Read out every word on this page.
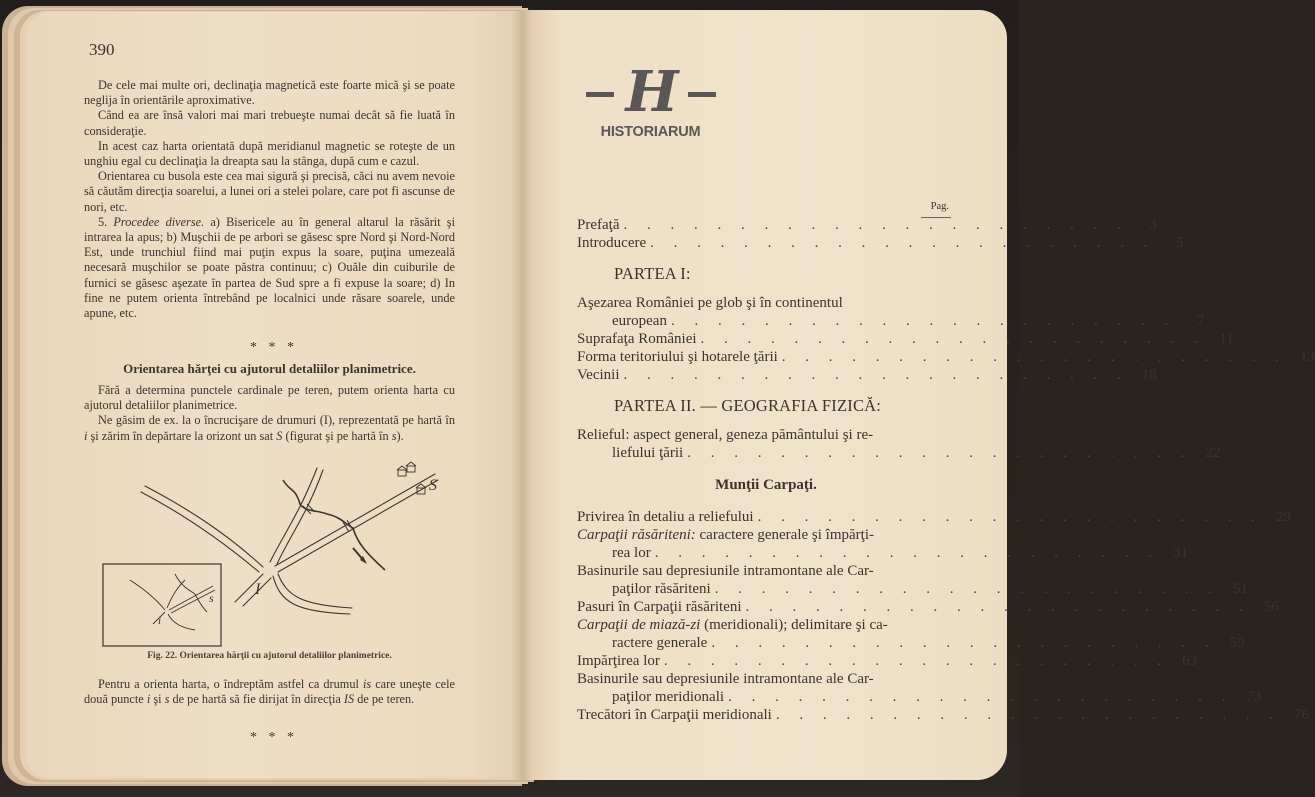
390

De cele mai multe ori, declinaţia magnetică este foarte mică şi se poate neglija în orientările aproximative.

Când ea are însă valori mai mari trebueşte numai decât să fie luată în consideraţie.

In acest caz harta orientată după meridianul magnetic se roteşte de un unghiu egal cu declinaţia la dreapta sau la stânga, după cum e cazul.

Orientarea cu busola este cea mai sigură şi precisă, căci nu avem nevoie să căutăm direcţia soarelui, a lunei ori a stelei polare, care pot fi ascunse de nori, etc.

5. Procedee diverse. a) Bisericele au în general altarul la răsărit şi intrarea la apus; b) Muşchii de pe arbori se găsesc spre Nord şi Nord-Nord Est, unde trunchiul fiind mai puţin expus la soare, puţina umezeală necesară muşchilor se poate păstra continuu; c) Ouăle din cuiburile de furnici se găsesc aşezate în partea de Sud spre a fi expuse la soare; d) In fine ne putem orienta întrebând pe localnici unde răsare soarele, unde apune, etc.

* * *
Orientarea hărţei cu ajutorul detaliilor planimetrice.

Fără a determina punctele cardinale pe teren, putem orienta harta cu ajutorul detaliilor planimetrice.

Ne găsim de ex. la o încrucişare de drumuri (I), reprezentată pe hartă în i şi zărim în depărtare la orizont un sat S (figurat şi pe hartă în s).

S
I
i
s
Fig. 22. Orientarea hărţii cu ajutorul detaliilor planimetrice.

Pentru a orienta harta, o îndreptăm astfel ca drumul is care uneşte cele două puncte i şi s de pe hartă să fie dirijat în direcţia IS de pe teren.

* * *
H
HISTORIARUM
Pag.
Prefaţă . . . . . . . . . . . . . . . . . . . . . .	3
Introducere . . . . . . . . . . . . . . . . . . . . . .	5
PARTEA I:
Aşezarea României pe glob şi în continentul
european . . . . . . . . . . . . . . . . . . . . . .	7
Suprafaţa României . . . . . . . . . . . . . . . . . . . . . . 11
Forma teritoriului şi hotarele ţării . . . . . . . . . . . . . . . . . . . . . . 13
Vecinii . . . . . . . . . . . . . . . . . . . . . . 18
PARTEA II. — GEOGRAFIA FIZICĂ:
Relieful: aspect general, geneza pământului şi re-
liefului ţării . . . . . . . . . . . . . . . . . . . . . . 22
Munţii Carpaţi.
Privirea în detaliu a reliefului . . . . . . . . . . . . . . . . . . . . . . 29
Carpaţii răsăriteni: caractere generale şi împărţi-
rea lor . . . . . . . . . . . . . . . . . . . . . . 31
Basinurile sau depresiunile intramontane ale Car-
paţilor răsăriteni . . . . . . . . . . . . . . . . . . . . . . 51
Pasuri în Carpaţii răsăriteni . . . . . . . . . . . . . . . . . . . . . . 56
Carpaţii de miază-zi (meridionali); delimitare şi ca-
ractere generale . . . . . . . . . . . . . . . . . . . . . . 59
Impărţirea lor . . . . . . . . . . . . . . . . . . . . . . 63
Basinurile sau depresiunile intramontane ale Car-
paţilor meridionali . . . . . . . . . . . . . . . . . . . . . . 73
Trecători în Carpaţii meridionali . . . . . . . . . . . . . . . . . . . . . . 76
